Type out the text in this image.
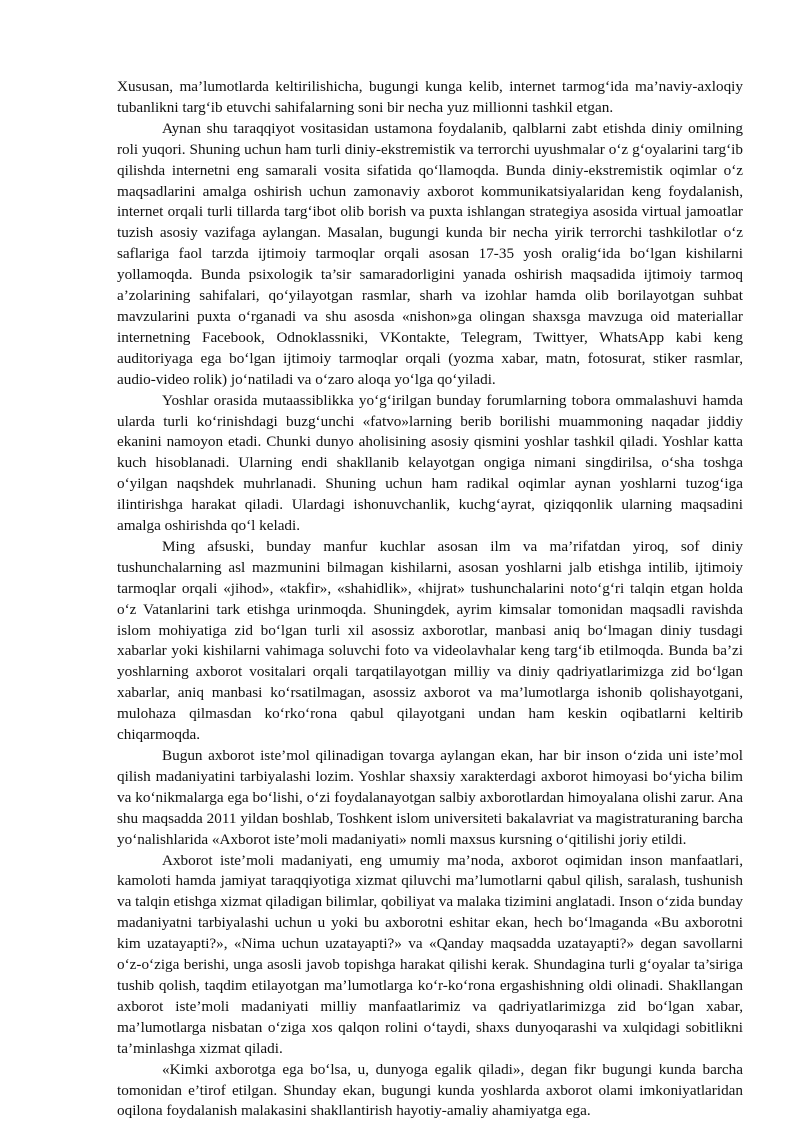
Xususan, ma’lumotlarda keltirilishicha, bugungi kunga kelib, internet tarmog‘ida ma’naviy-axloqiy tubanlikni targ‘ib etuvchi sahifalarning soni bir necha yuz millionni tashkil etgan.

Aynan shu taraqqiyot vositasidan ustamona foydalanib, qalblarni zabt etishda diniy omilning roli yuqori. Shuning uchun ham turli diniy-ekstremistik va terrorchi uyushmalar o‘z g‘oyalarini targ‘ib qilishda internetni eng samarali vosita sifatida qo‘llamoqda. Bunda diniy-ekstremistik oqimlar o‘z maqsadlarini amalga oshirish uchun zamonaviy axborot kommunikatsiyalaridan keng foydalanish, internet orqali turli tillarda targ‘ibot olib borish va puxta ishlangan strategiya asosida virtual jamoatlar tuzish asosiy vazifaga aylangan. Masalan, bugungi kunda bir necha yirik terrorchi tashkilotlar o‘z saflariga faol tarzda ijtimoiy tarmoqlar orqali asosan 17-35 yosh oralig‘ida bo‘lgan kishilarni yollamoqda. Bunda psixologik ta’sir samaradorligini yanada oshirish maqsadida ijtimoiy tarmoq a’zolarining sahifalari, qo‘yilayotgan rasmlar, sharh va izohlar hamda olib borilayotgan suhbat mavzularini puxta o‘rganadi va shu asosda «nishon»ga olingan shaxsga mavzuga oid materiallar internetning Facebook, Odnoklassniki, VKontakte, Telegram, Twittyer, WhatsApp kabi keng auditoriyaga ega bo‘lgan ijtimoiy tarmoqlar orqali (yozma xabar, matn, fotosurat, stiker rasmlar, audio-video rolik) jo‘natiladi va o‘zaro aloqa yo‘lga qo‘yiladi.

Yoshlar orasida mutaassiblikka yo‘g‘irilgan bunday forumlarning tobora ommalashuvi hamda ularda turli ko‘rinishdagi buzg‘unchi «fatvo»larning berib borilishi muammoning naqadar jiddiy ekanini namoyon etadi. Chunki dunyo aholisining asosiy qismini yoshlar tashkil qiladi. Yoshlar katta kuch hisoblanadi. Ularning endi shakllanib kelayotgan ongiga nimani singdirilsa, o‘sha toshga o‘yilgan naqshdek muhrlanadi. Shuning uchun ham radikal oqimlar aynan yoshlarni tuzog‘iga ilintirishga harakat qiladi. Ulardagi ishonuvchanlik, kuchg‘ayrat, qiziqqonlik ularning maqsadini amalga oshirishda qo‘l keladi.

Ming afsuski, bunday manfur kuchlar asosan ilm va ma’rifatdan yiroq, sof diniy tushunchalarning asl mazmunini bilmagan kishilarni, asosan yoshlarni jalb etishga intilib, ijtimoiy tarmoqlar orqali «jihod», «takfir», «shahidlik», «hijrat» tushunchalarini noto‘g‘ri talqin etgan holda o‘z Vatanlarini tark etishga urinmoqda. Shuningdek, ayrim kimsalar tomonidan maqsadli ravishda islom mohiyatiga zid bo‘lgan turli xil asossiz axborotlar, manbasi aniq bo‘lmagan diniy tusdagi xabarlar yoki kishilarni vahimaga soluvchi foto va videolavhalar keng targ‘ib etilmoqda. Bunda ba’zi yoshlarning axborot vositalari orqali tarqatilayotgan milliy va diniy qadriyatlarimizga zid bo‘lgan xabarlar, aniq manbasi ko‘rsatilmagan, asossiz axborot va ma’lumotlarga ishonib qolishayotgani, mulohaza qilmasdan ko‘rko‘rona qabul qilayotgani undan ham keskin oqibatlarni keltirib chiqarmoqda.

Bugun axborot iste’mol qilinadigan tovarga aylangan ekan, har bir inson o‘zida uni iste’mol qilish madaniyatini tarbiyalashi lozim. Yoshlar shaxsiy xarakterdagi axborot himoyasi bo‘yicha bilim va ko‘nikmalarga ega bo‘lishi, o‘zi foydalanayotgan salbiy axborotlardan himoyalana olishi zarur. Ana shu maqsadda 2011 yildan boshlab, Toshkent islom universiteti bakalavriat va magistraturaning barcha yo‘nalishlarida «Axborot iste’moli madaniyati» nomli maxsus kursning o‘qitilishi joriy etildi.

Axborot iste’moli madaniyati, eng umumiy ma’noda, axborot oqimidan inson manfaatlari, kamoloti hamda jamiyat taraqqiyotiga xizmat qiluvchi ma’lumotlarni qabul qilish, saralash, tushunish va talqin etishga xizmat qiladigan bilimlar, qobiliyat va malaka tizimini anglatadi. Inson o‘zida bunday madaniyatni tarbiyalashi uchun u yoki bu axborotni eshitar ekan, hech bo‘lmaganda «Bu axborotni kim uzatayapti?», «Nima uchun uzatayapti?» va «Qanday maqsadda uzatayapti?» degan savollarni o‘z-o‘ziga berishi, unga asosli javob topishga harakat qilishi kerak. Shundagina turli g‘oyalar ta’siriga tushib qolish, taqdim etilayotgan ma’lumotlarga ko‘r-ko‘rona ergashishning oldi olinadi. Shakllangan axborot iste’moli madaniyati milliy manfaatlarimiz va qadriyatlarimizga zid bo‘lgan xabar, ma’lumotlarga nisbatan o‘ziga xos qalqon rolini o‘taydi, shaxs dunyoqarashi va xulqidagi sobitlikni ta’minlashga xizmat qiladi.

«Kimki axborotga ega bo‘lsa, u, dunyoga egalik qiladi», degan fikr bugungi kunda barcha tomonidan e’tirof etilgan. Shunday ekan, bugungi kunda yoshlarda axborot olami imkoniyatlaridan oqilona foydalanish malakasini shakllantirish hayotiy-amaliy ahamiyatga ega.
